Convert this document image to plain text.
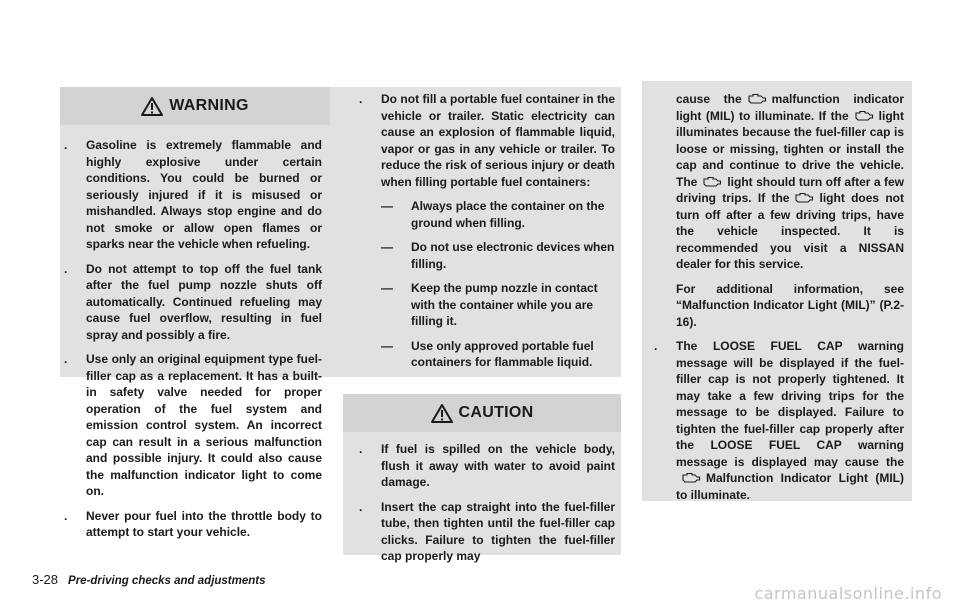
WARNING
. Gasoline is extremely flammable and highly explosive under certain conditions. You could be burned or seriously injured if it is misused or mishandled. Always stop engine and do not smoke or allow open flames or sparks near the vehicle when refueling.
. Do not attempt to top off the fuel tank after the fuel pump nozzle shuts off automatically. Continued refueling may cause fuel overflow, resulting in fuel spray and possibly a fire.
. Use only an original equipment type fuel-filler cap as a replacement. It has a built-in safety valve needed for proper operation of the fuel system and emission control system. An incorrect cap can result in a serious malfunction and possible injury. It could also cause the malfunction indicator light to come on.
. Never pour fuel into the throttle body to attempt to start your vehicle.
. Do not fill a portable fuel container in the vehicle or trailer. Static electricity can cause an explosion of flammable liquid, vapor or gas in any vehicle or trailer. To reduce the risk of serious injury or death when filling portable fuel containers:
— Always place the container on the ground when filling.
— Do not use electronic devices when filling.
— Keep the pump nozzle in contact with the container while you are filling it.
— Use only approved portable fuel containers for flammable liquid.
CAUTION
. If fuel is spilled on the vehicle body, flush it away with water to avoid paint damage.
. Insert the cap straight into the fuel-filler tube, then tighten until the fuel-filler cap clicks. Failure to tighten the fuel-filler cap properly may
cause the	malfunction indicator light (MIL) to illuminate. If the	light illuminates because the fuel-filler cap is loose or missing, tighten or install the cap and continue to drive the vehicle. The	light should turn off after a few driving trips. If the	light does not turn off after a few driving trips, have the vehicle inspected. It is recommended you visit a NISSAN dealer for this service.
For additional information, see “Malfunction Indicator Light (MIL)” (P.2-16).
. The LOOSE FUEL CAP warning message will be displayed if the fuel-filler cap is not properly tightened. It may take a few driving trips for the message to be displayed. Failure to tighten the fuel-filler cap properly after the LOOSE FUEL CAP warning message is displayed may cause theMalfunction Indicator Light (MIL) to illuminate.
3-28 Pre-driving checks and adjustments
carmanualsonline.info
